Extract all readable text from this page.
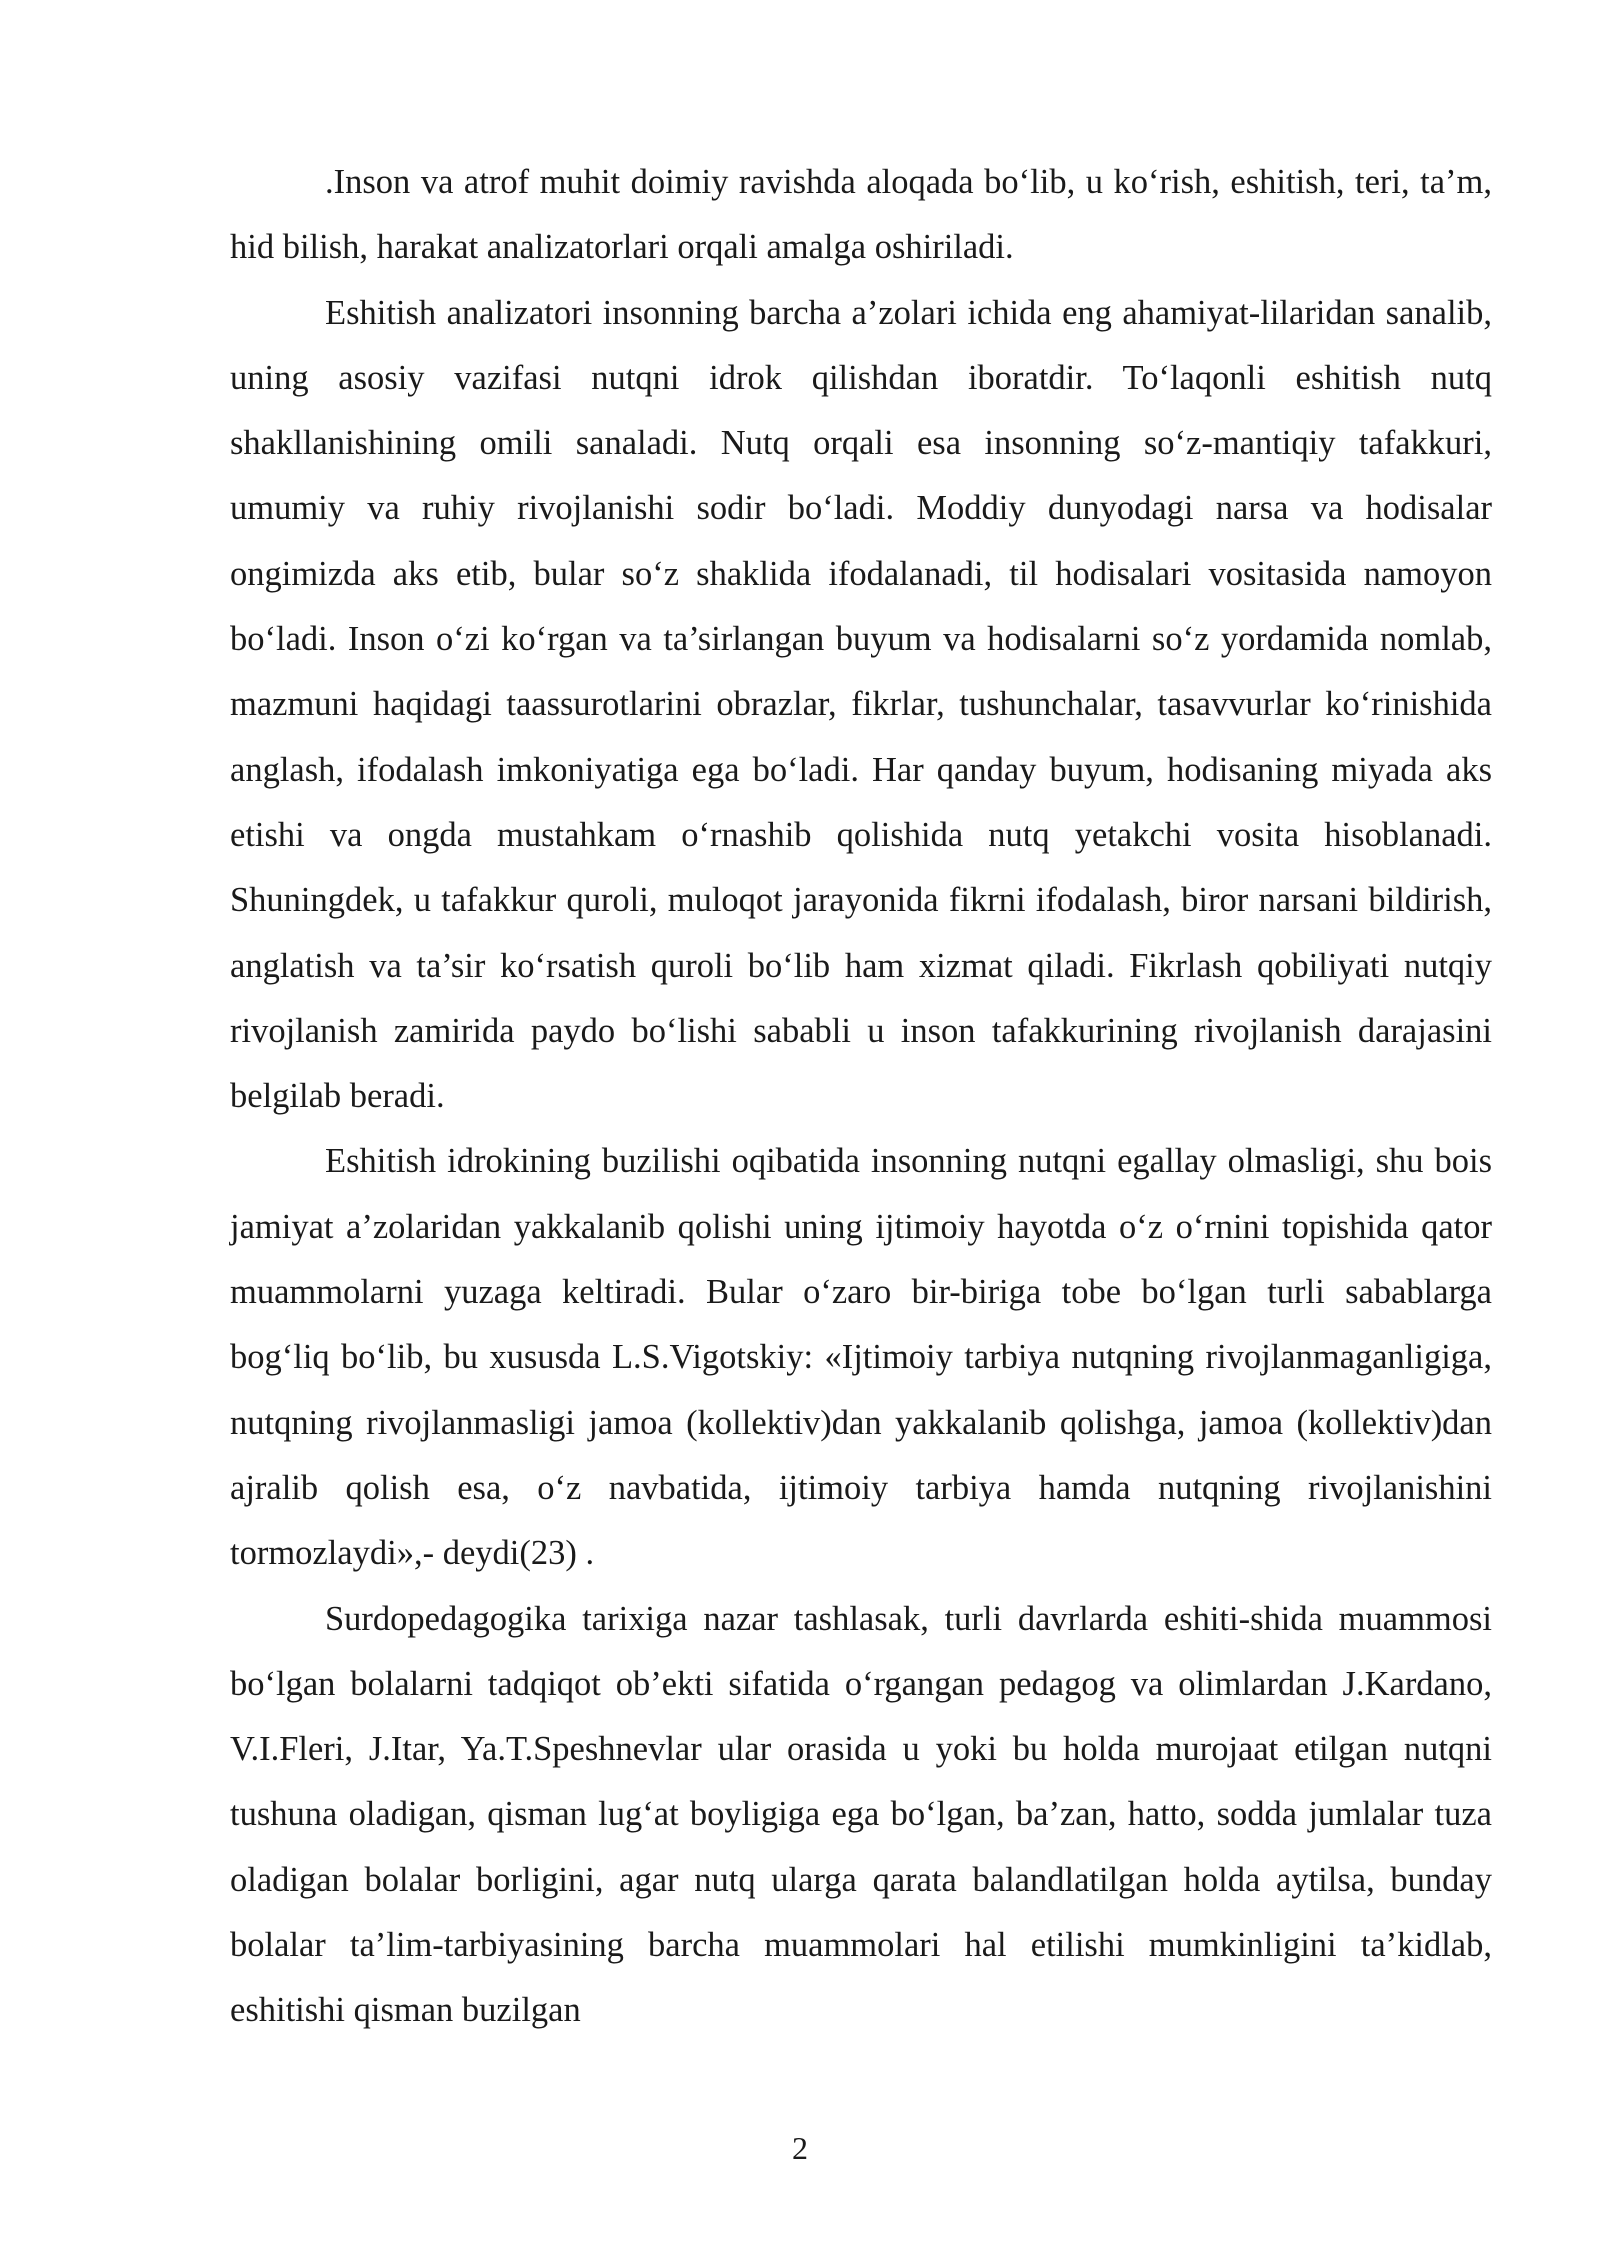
.Inson va atrof muhit doimiy ravishda aloqada bo‘lib, u ko‘rish, eshitish, teri, ta’m, hid bilish, harakat analizatorlari orqali amalga oshiriladi.

Eshitish analizatori insonning barcha a’zolari ichida eng ahamiyat-lilaridan sanalib, uning asosiy vazifasi nutqni idrok qilishdan iboratdir. To‘laqonli eshitish nutq shakllanishining omili sanaladi. Nutq orqali esa insonning so‘z-mantiqiy tafakkuri, umumiy va ruhiy rivojlanishi sodir bo‘ladi. Moddiy dunyodagi narsa va hodisalar ongimizda aks etib, bular so‘z shaklida ifodalanadi, til hodisalari vositasida namoyon bo‘ladi. Inson o‘zi ko‘rgan va ta’sirlangan buyum va hodisalarni so‘z yordamida nomlab, mazmuni haqidagi taassurotlarini obrazlar, fikrlar, tushunchalar, tasavvurlar ko‘rinishida anglash, ifodalash imkoniyatiga ega bo‘ladi. Har qanday buyum, hodisaning miyada aks etishi va ongda mustahkam o‘rnashib qolishida nutq yetakchi vosita hisoblanadi. Shuningdek, u tafakkur quroli, muloqot jarayonida fikrni ifodalash, biror narsani bildirish, anglatish va ta’sir ko‘rsatish quroli bo‘lib ham xizmat qiladi. Fikrlash qobiliyati nutqiy rivojlanish zamirida paydo bo‘lishi sababli u inson tafakkurining rivojlanish darajasini belgilab beradi.

Eshitish idrokining buzilishi oqibatida insonning nutqni egallay olmasligi, shu bois jamiyat a’zolaridan yakkalanib qolishi uning ijtimoiy hayotda o‘z o‘rnini topishida qator muammolarni yuzaga keltiradi. Bular o‘zaro bir-biriga tobe bo‘lgan turli sabablarga bog‘liq bo‘lib, bu xususda L.S.Vigotskiy: «Ijtimoiy tarbiya nutqning rivojlanmaganligiga, nutqning rivojlanmasligi jamoa (kollektiv)dan yakkalanib qolishga, jamoa (kollektiv)dan ajralib qolish esa, o‘z navbatida, ijtimoiy tarbiya hamda nutqning rivojlanishini tormozlaydi»,- deydi(23) .

Surdopedagogika tarixiga nazar tashlasak, turli davrlarda eshiti-shida muammosi bo‘lgan bolalarni tadqiqot ob’ekti sifatida o‘rgangan pedagog va olimlardan J.Kardano, V.I.Fleri, J.Itar, Ya.T.Speshnevlar ular orasida u yoki bu holda murojaat etilgan nutqni tushuna oladigan, qisman lug‘at boyligiga ega bo‘lgan, ba’zan, hatto, sodda jumlalar tuza oladigan bolalar borligini, agar nutq ularga qarata balandlatilgan holda aytilsa, bunday bolalar ta’lim-tarbiyasining barcha muammolari hal etilishi mumkinligini ta’kidlab, eshitishi qisman buzilgan

2
